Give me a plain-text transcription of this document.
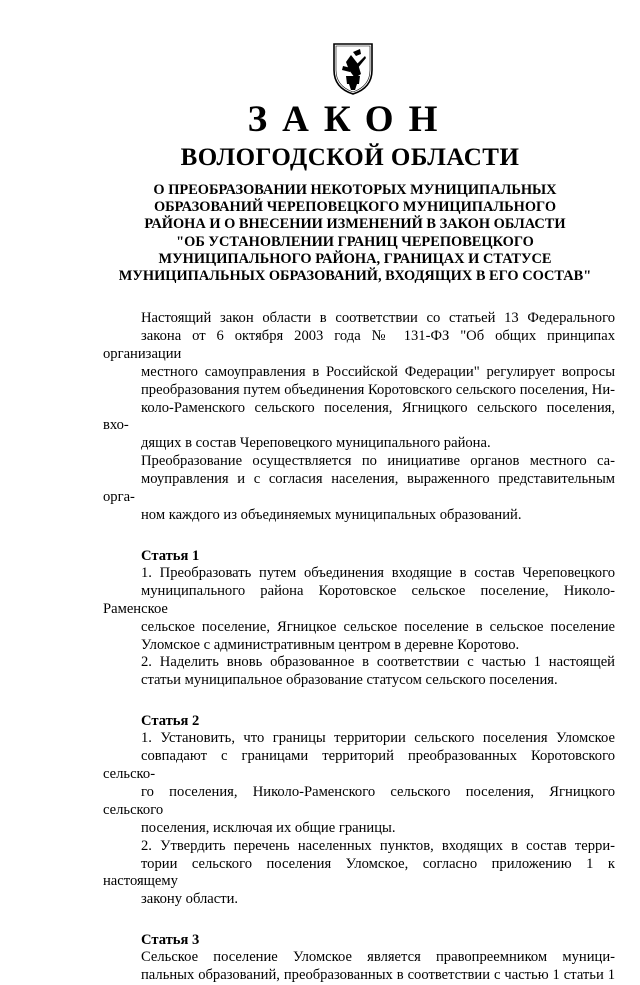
ЗАКОН
ВОЛОГОДСКОЙ ОБЛАСТИ
О ПРЕОБРАЗОВАНИИ НЕКОТОРЫХ МУНИЦИПАЛЬНЫХ
ОБРАЗОВАНИЙ ЧЕРЕПОВЕЦКОГО МУНИЦИПАЛЬНОГО
РАЙОНА И О ВНЕСЕНИИ ИЗМЕНЕНИЙ В ЗАКОН ОБЛАСТИ
"ОБ УСТАНОВЛЕНИИ ГРАНИЦ ЧЕРЕПОВЕЦКОГО
МУНИЦИПАЛЬНОГО РАЙОНА, ГРАНИЦАХ И СТАТУСЕ
МУНИЦИПАЛЬНЫХ ОБРАЗОВАНИЙ, ВХОДЯЩИХ В ЕГО СОСТАВ"

Настоящий закон области в соответствии со статьей 13 Федерального
закона от 6 октября 2003 года № 131-ФЗ "Об общих принципах организации
местного самоуправления в Российской Федерации" регулирует вопросы
преобразования путем объединения Коротовского сельского поселения, Ни-
коло-Раменского сельского поселения, Ягницкого сельского поселения, вхо-
дящих в состав Череповецкого муниципального района.

Преобразование осуществляется по инициативе органов местного са-
моуправления и с согласия населения, выраженного представительным орга-
ном каждого из объединяемых муниципальных образований.

Статья 1

1. Преобразовать путем объединения входящие в состав Череповецкого
муниципального района Коротовское сельское поселение, Николо-Раменское
сельское поселение, Ягницкое сельское поселение в сельское поселение
Уломское с административным центром в деревне Коротово.

2. Наделить вновь образованное в соответствии с частью 1 настоящей
статьи муниципальное образование статусом сельского поселения.

Статья 2

1. Установить, что границы территории сельского поселения Уломское
совпадают с границами территорий преобразованных Коротовского сельско-
го поселения, Николо-Раменского сельского поселения, Ягницкого сельского
поселения, исключая их общие границы.

2. Утвердить перечень населенных пунктов, входящих в состав терри-
тории сельского поселения Уломское, согласно приложению 1 к настоящему
закону области.

Статья 3

Сельское поселение Уломское является правопреемником муници-
пальных образований, преобразованных в соответствии с частью 1 статьи 1
